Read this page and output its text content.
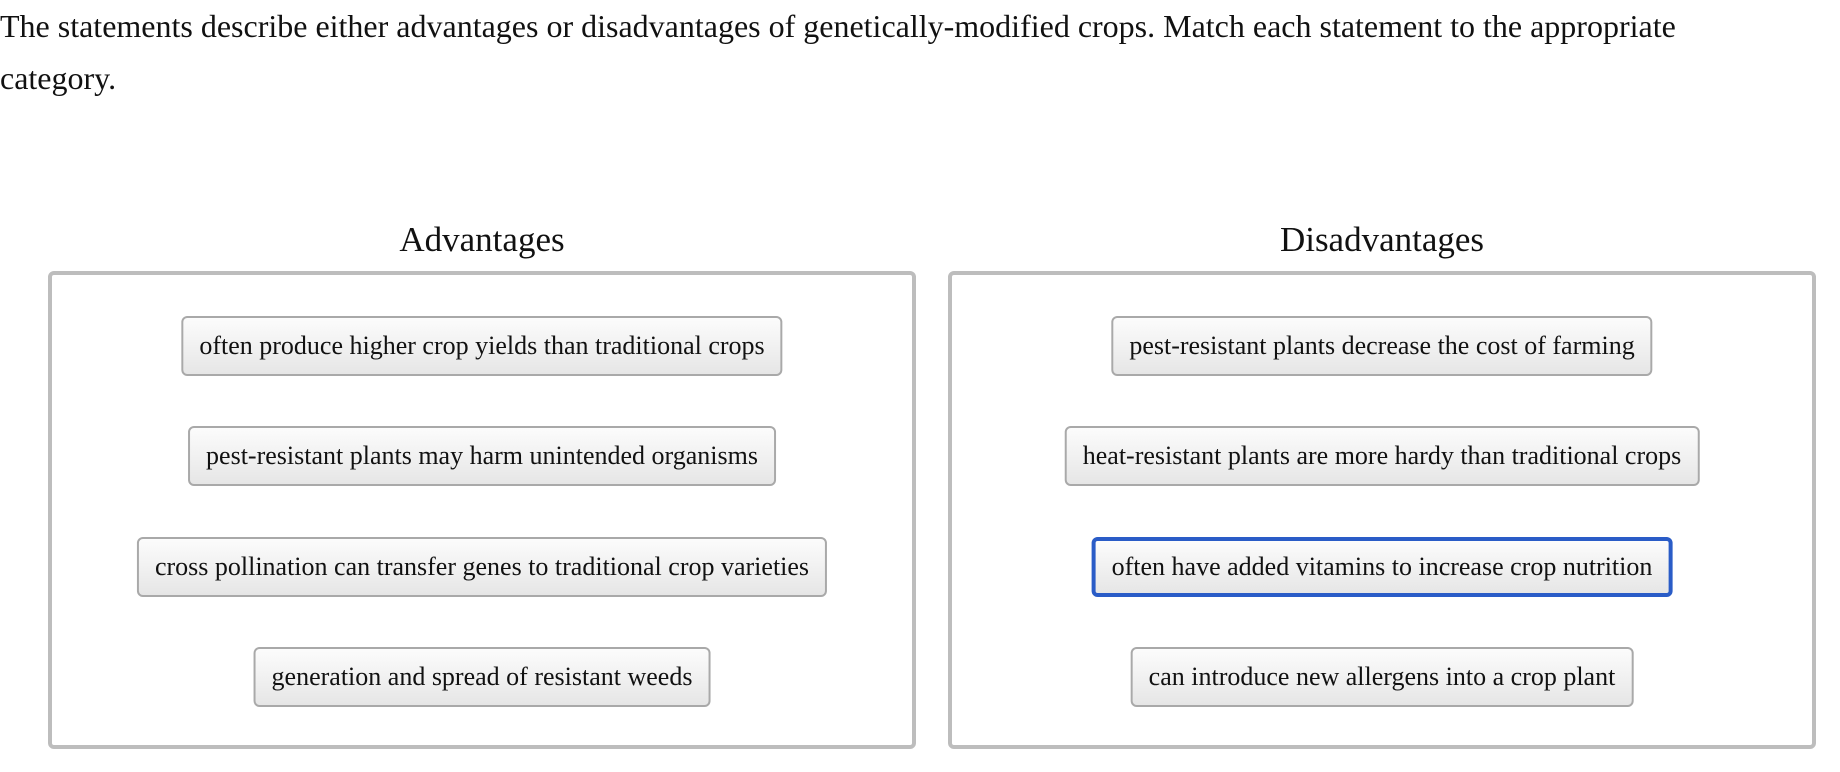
The statements describe either advantages or disadvantages of genetically-modified crops. Match each statement to the appropriate category.

Advantages
often produce higher crop yields than traditional crops
pest-resistant plants may harm unintended organisms
cross pollination can transfer genes to traditional crop varieties
generation and spread of resistant weeds
Disadvantages
pest-resistant plants decrease the cost of farming
heat-resistant plants are more hardy than traditional crops
often have added vitamins to increase crop nutrition
can introduce new allergens into a crop plant
